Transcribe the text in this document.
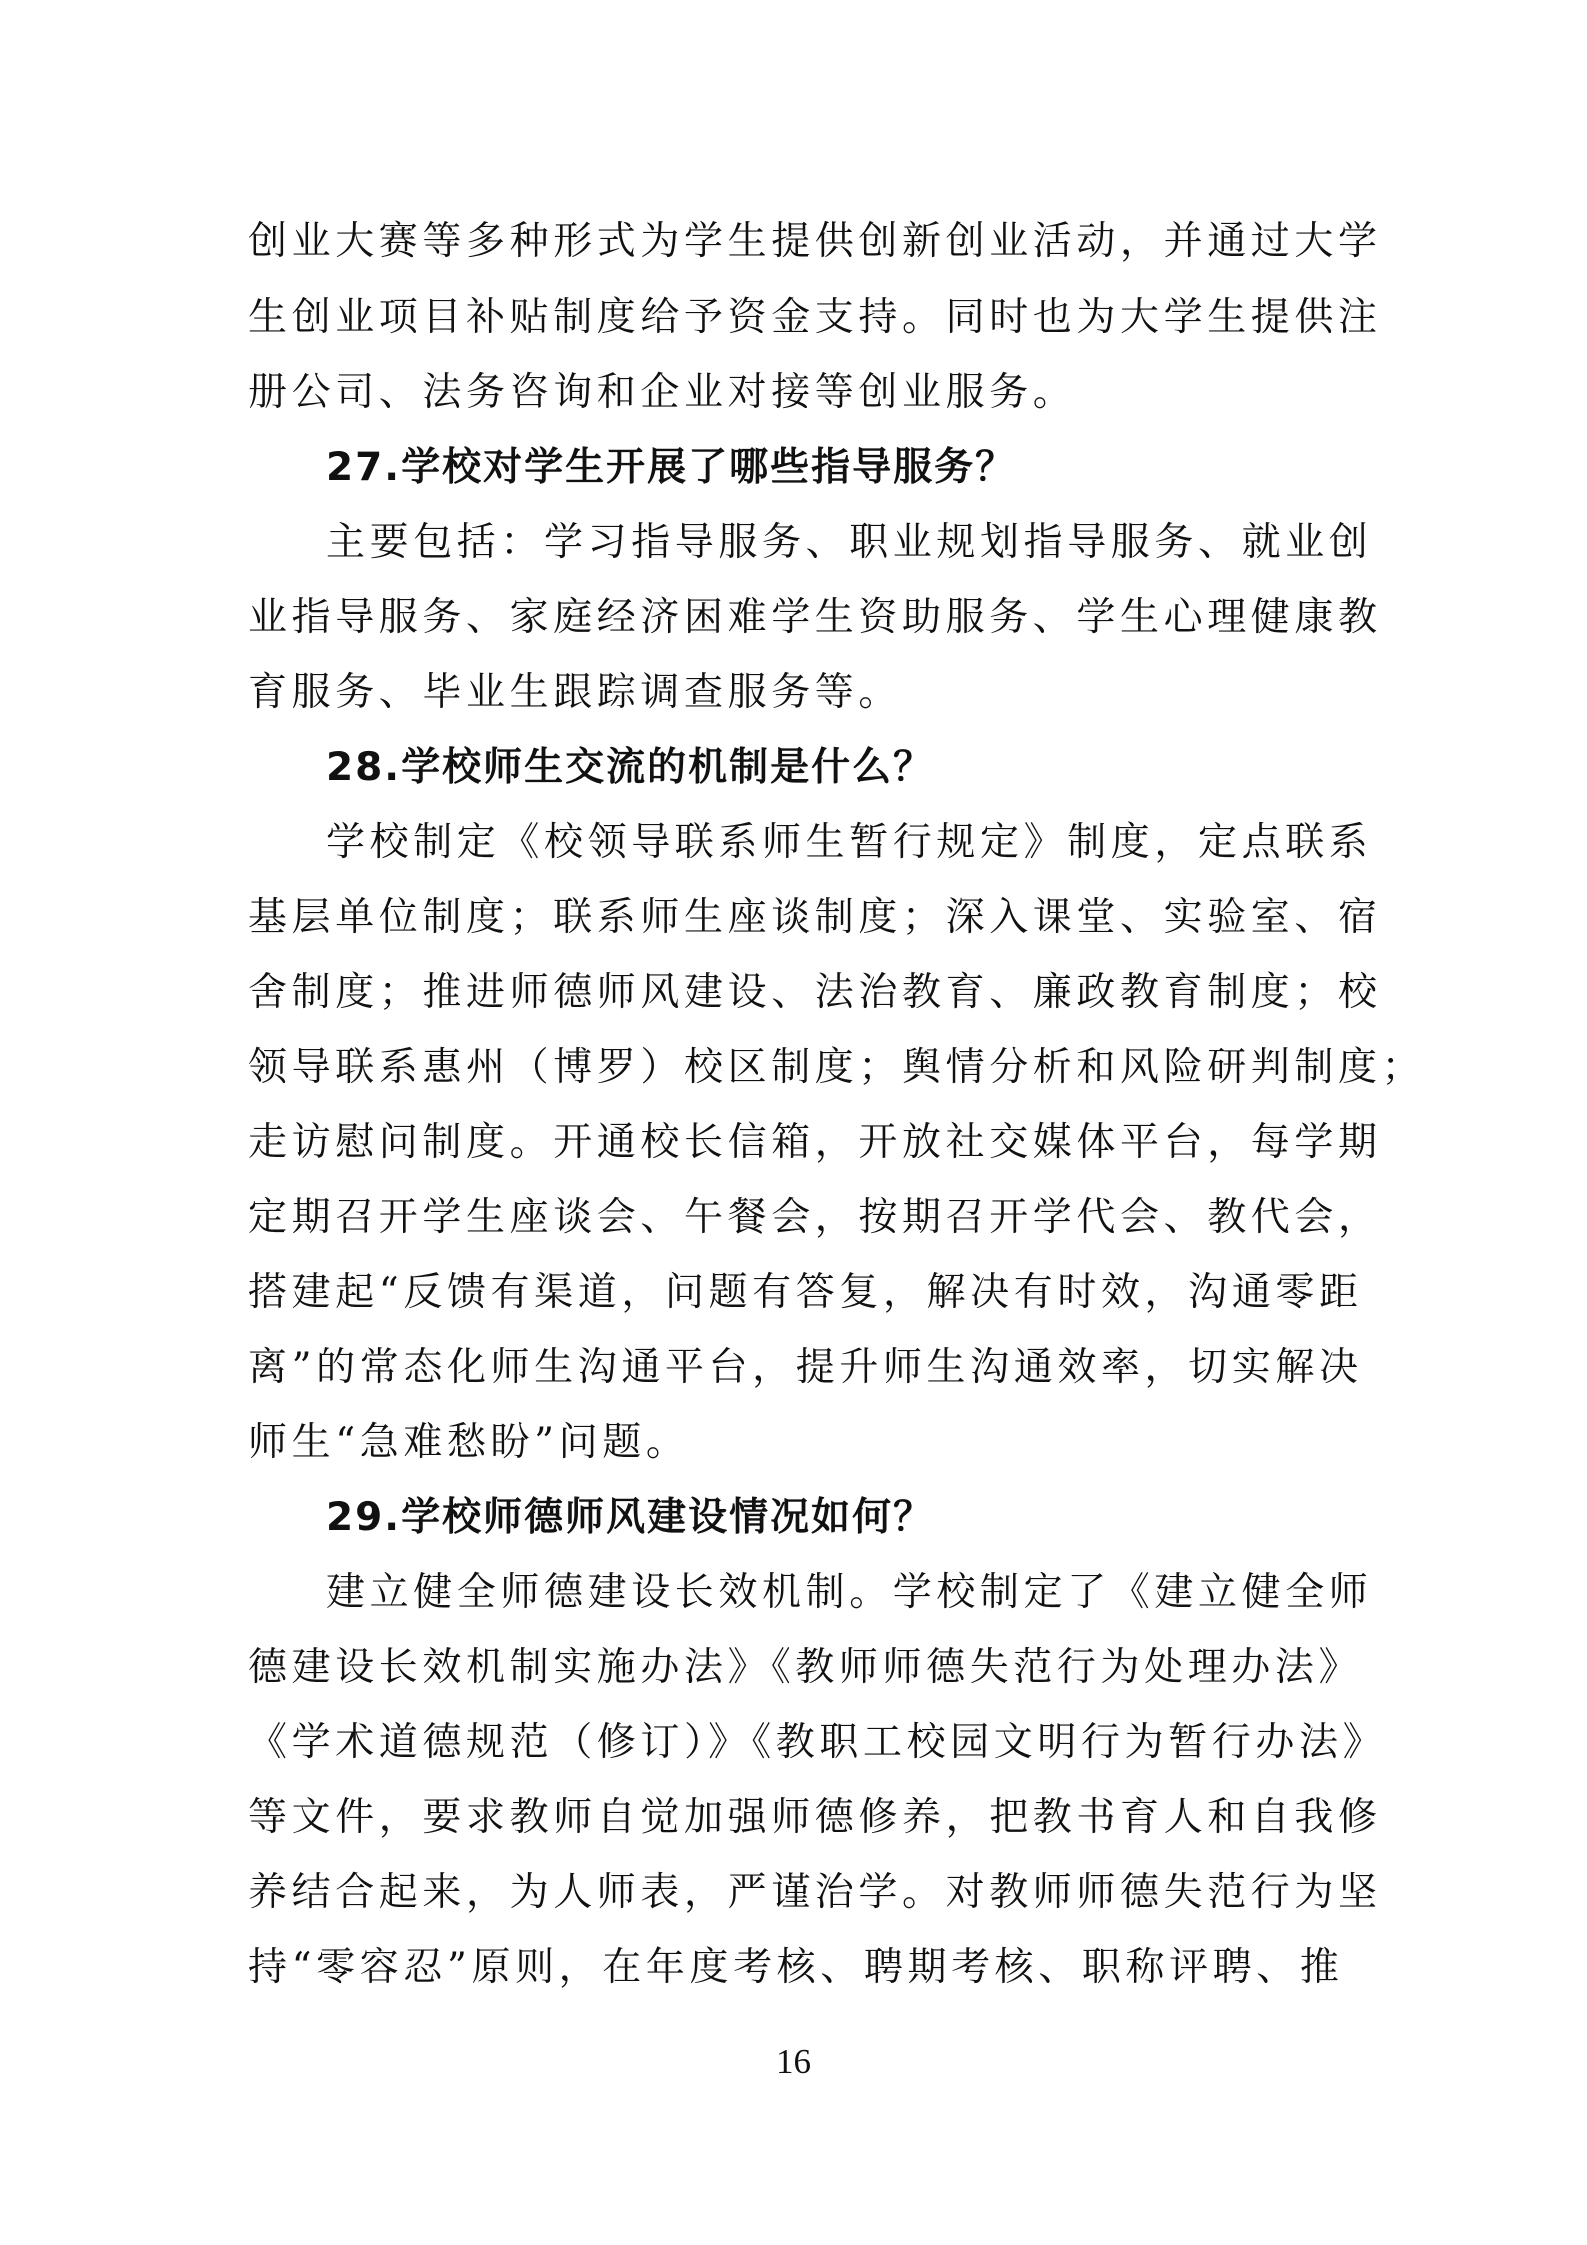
创业大赛等多种形式为学生提供创新创业活动，并通过大学
生创业项目补贴制度给予资金支持。同时也为大学生提供注
册公司、法务咨询和企业对接等创业服务。
27.学校对学生开展了哪些指导服务？
主要包括：学习指导服务、职业规划指导服务、就业创
业指导服务、家庭经济困难学生资助服务、学生心理健康教
育服务、毕业生跟踪调查服务等。
28.学校师生交流的机制是什么？
学校制定《校领导联系师生暂行规定》制度，定点联系
基层单位制度；联系师生座谈制度；深入课堂、实验室、宿
舍制度；推进师德师风建设、法治教育、廉政教育制度；校
领导联系惠州（博罗）校区制度；舆情分析和风险研判制度；
走访慰问制度。开通校长信箱，开放社交媒体平台，每学期
定期召开学生座谈会、午餐会，按期召开学代会、教代会，
搭建起“反馈有渠道，问题有答复，解决有时效，沟通零距
离”的常态化师生沟通平台，提升师生沟通效率，切实解决
师生“急难愁盼”问题。
29.学校师德师风建设情况如何？
建立健全师德建设长效机制。学校制定了《建立健全师
德建设长效机制实施办法》《教师师德失范行为处理办法》
《学术道德规范（修订）》《教职工校园文明行为暂行办法》
等文件，要求教师自觉加强师德修养，把教书育人和自我修
养结合起来，为人师表，严谨治学。对教师师德失范行为坚
持“零容忍”原则，在年度考核、聘期考核、职称评聘、推
16
